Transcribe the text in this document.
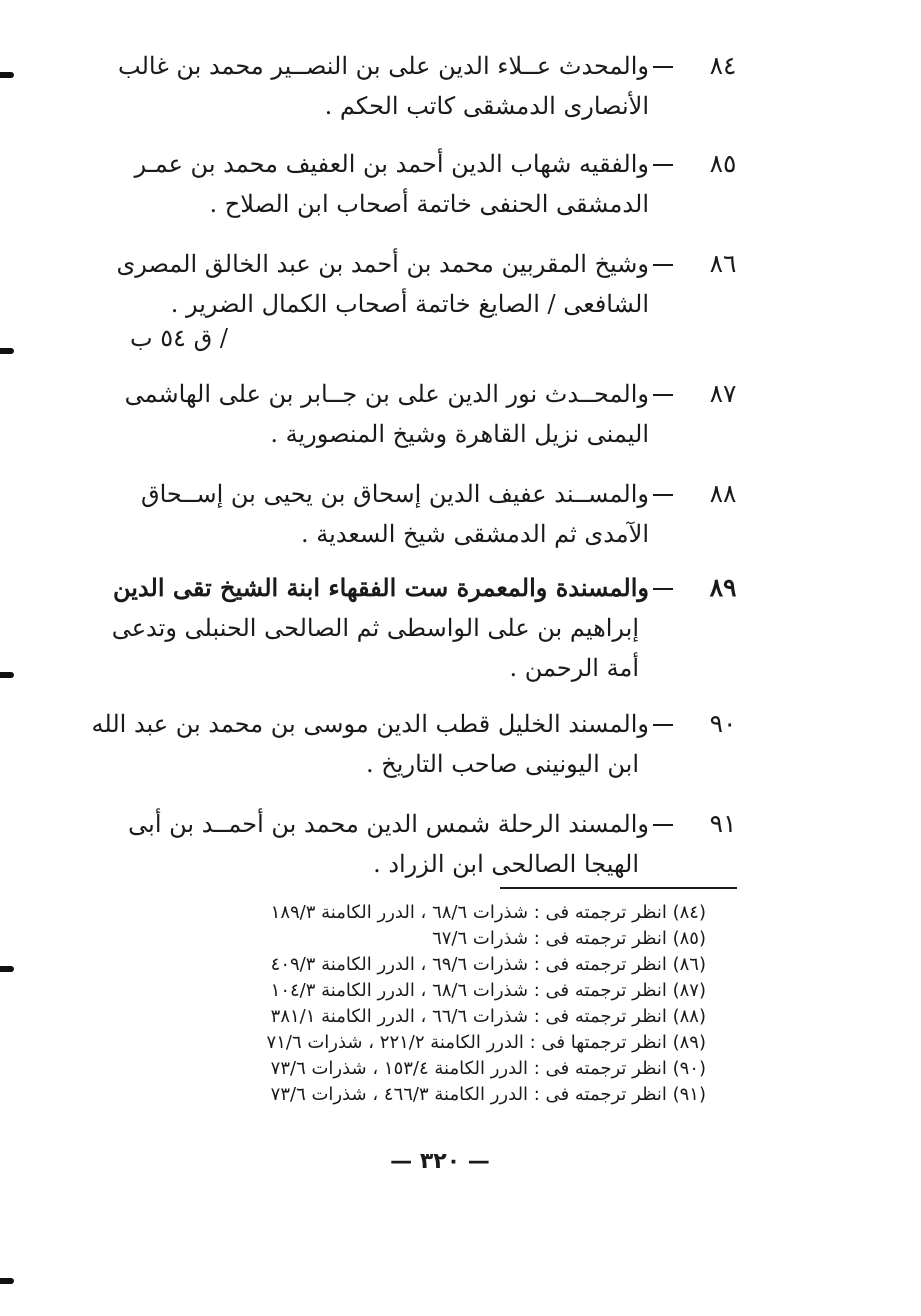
٨٤
والمحدث عــلاء الدين على بن النصــير محمد بن غالب
الأنصارى الدمشقى كاتب الحكم .
٨٥
والفقيه شهاب الدين أحمد بن العفيف محمد بن عمـر
الدمشقى الحنفى خاتمة أصحاب ابن الصلاح .
٨٦
وشيخ المقربين محمد بن أحمد بن عبد الخالق المصرى
الشافعى / الصايغ خاتمة أصحاب الكمال الضرير .
/ ق ٥٤ ب
٨٧
والمحــدث نور الدين على بن جــابر بن على الهاشمى
اليمنى نزيل القاهرة وشيخ المنصورية .
٨٨
والمســند عفيف الدين إسحاق بن يحيى بن إســحاق
الآمدى ثم الدمشقى شيخ السعدية .
٨٩
والمسندة والمعمرة ست الفقهاء ابنة الشيخ تقى الدين
إبراهيم بن على الواسطى ثم الصالحى الحنبلى وتدعى
أمة الرحمن .
٩٠
والمسند الخليل قطب الدين موسى بن محمد بن عبد الله
ابن اليونينى صاحب التاريخ .
٩١
والمسند الرحلة شمس الدين محمد بن أحمــد بن أبى
الهيجا الصالحى ابن الزراد .
(٨٤) انظر ترجمته فى : شذرات ٦٨/٦ ، الدرر الكامنة ١٨٩/٣
(٨٥) انظر ترجمته فى : شذرات ٦٧/٦
(٨٦) انظر ترجمته فى : شذرات ٦٩/٦ ، الدرر الكامنة ٤٠٩/٣
(٨٧) انظر ترجمته فى : شذرات ٦٨/٦ ، الدرر الكامنة ١٠٤/٣
(٨٨) انظر ترجمته فى : شذرات ٦٦/٦ ، الدرر الكامنة ٣٨١/١
(٨٩) انظر ترجمتها فى : الدرر الكامنة ٢٢١/٢ ، شذرات ٧١/٦
(٩٠) انظر ترجمته فى : الدرر الكامنة ١٥٣/٤ ، شذرات ٧٣/٦
(٩١) انظر ترجمته فى : الدرر الكامنة ٤٦٦/٣ ، شذرات ٧٣/٦
— ٣٢٠ —
